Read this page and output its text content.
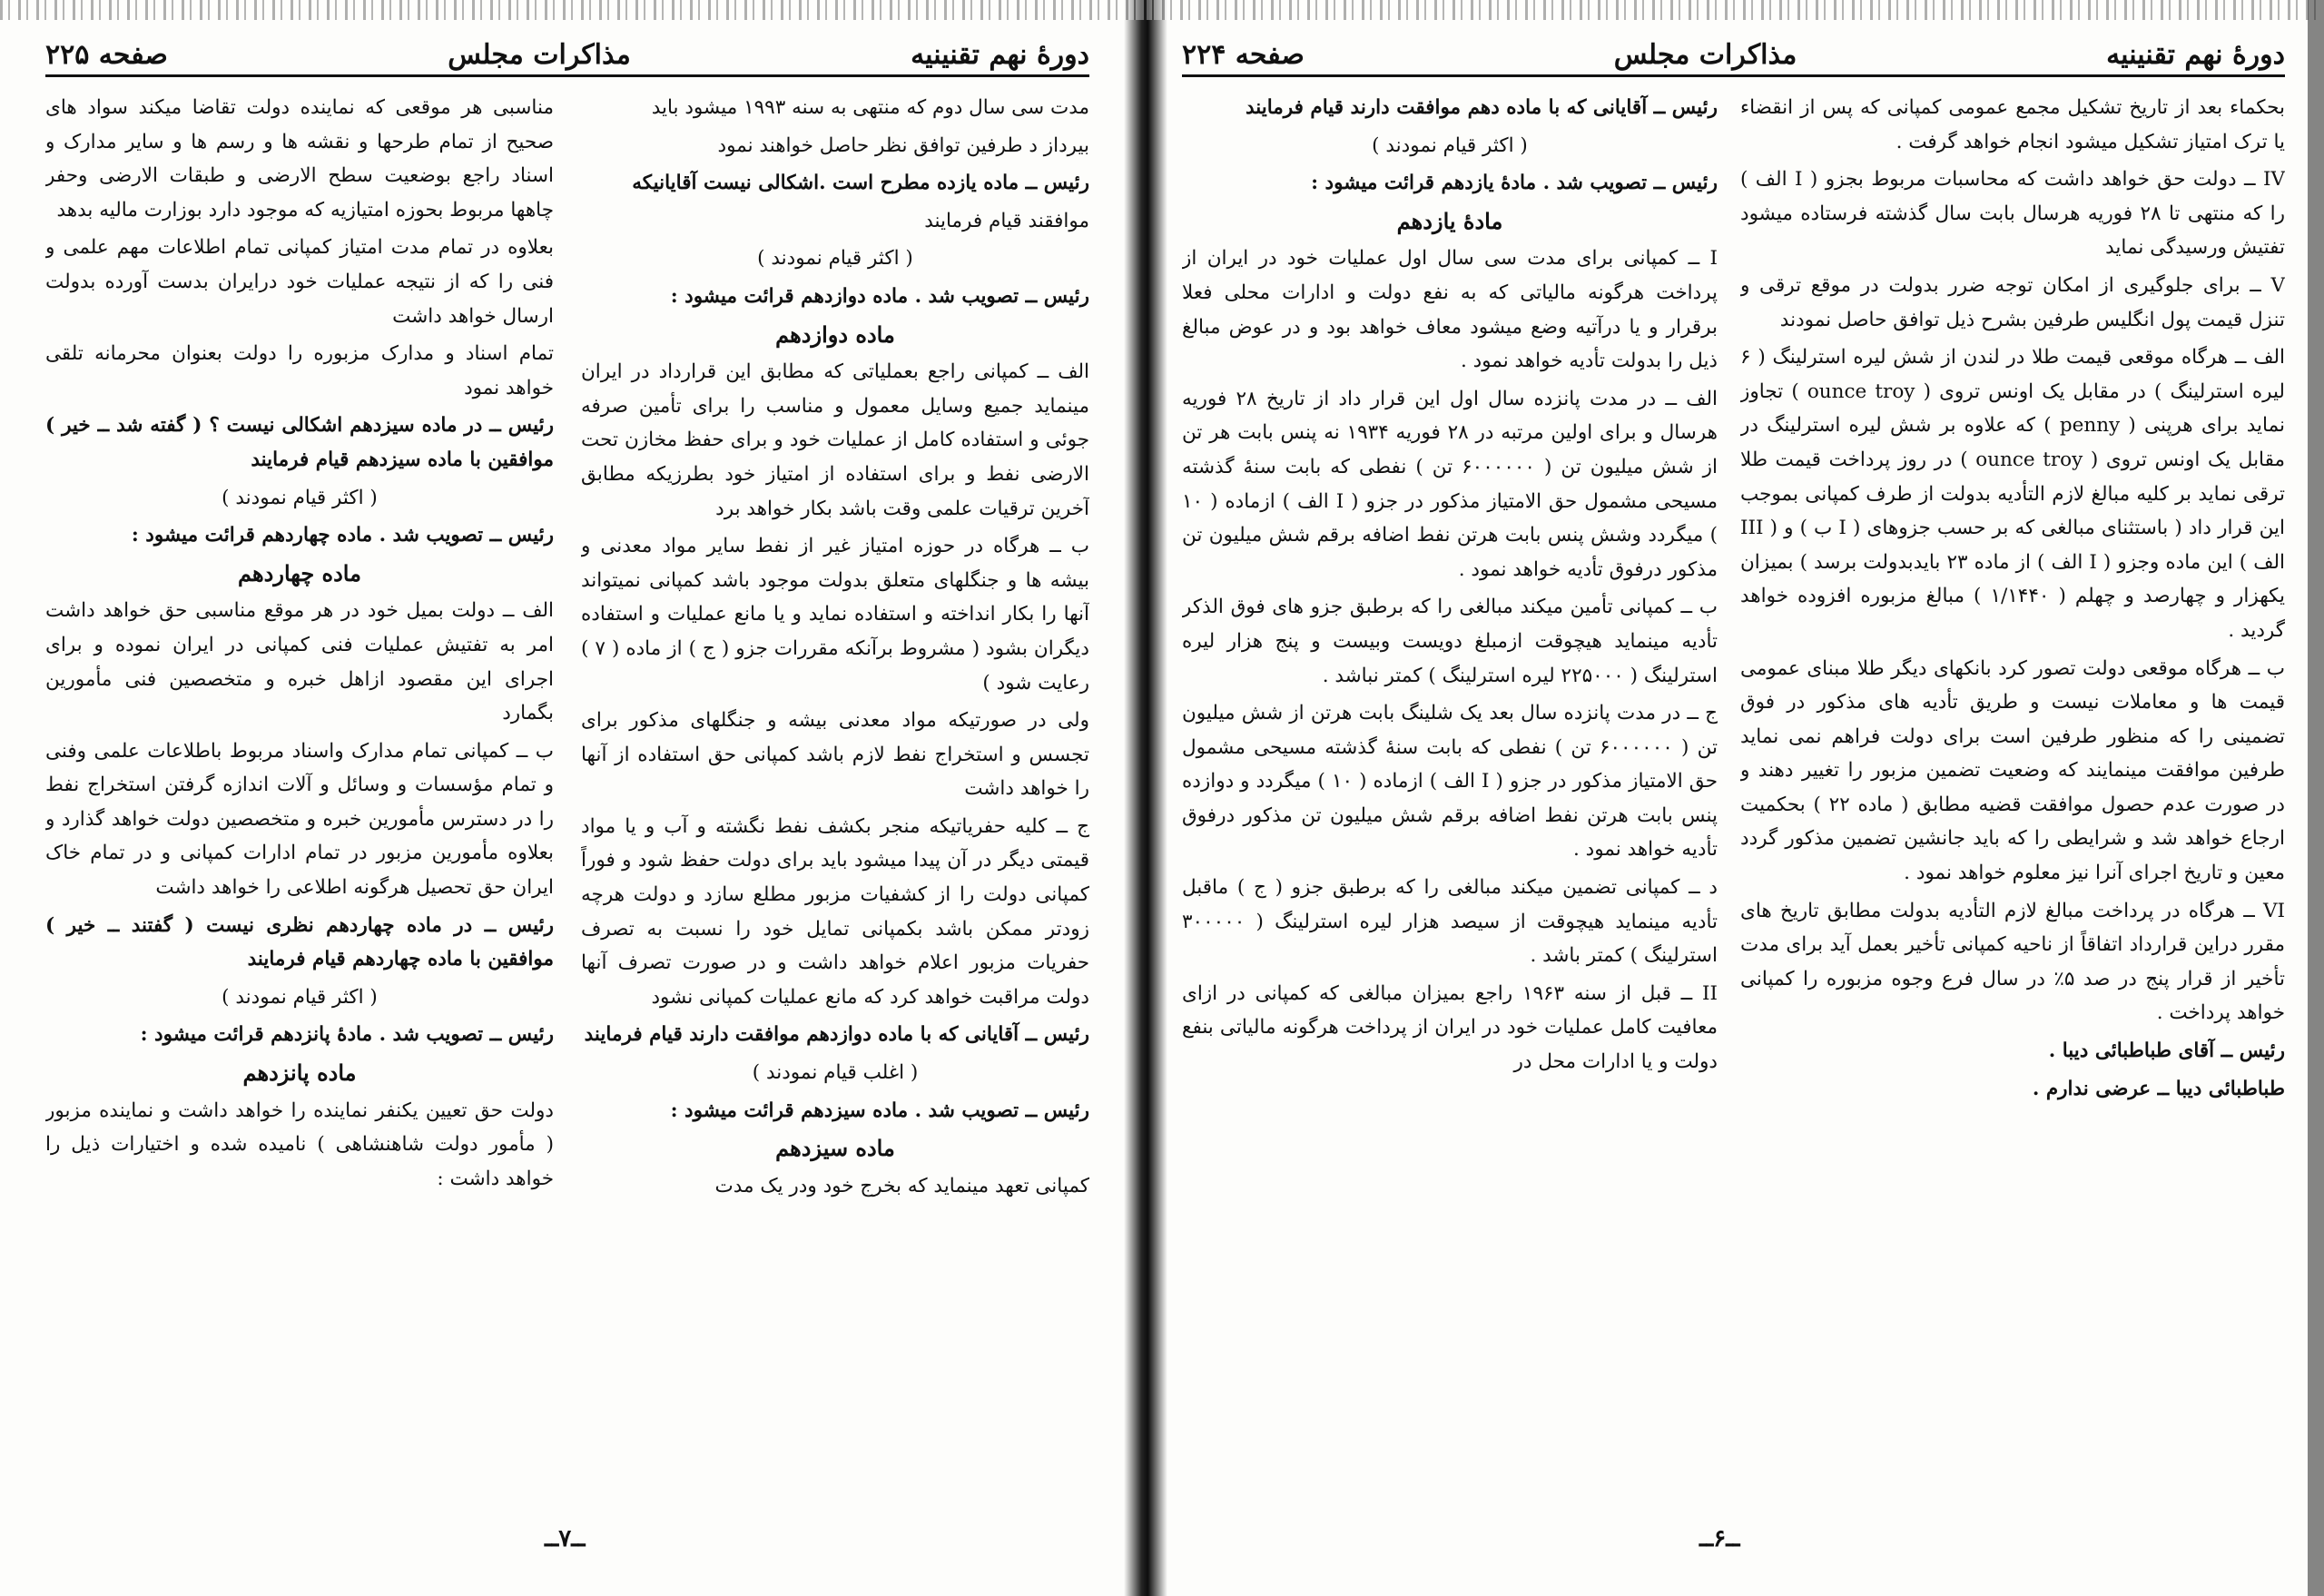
دورهٔ نهم تقنینیه
مذاکرات مجلس
صفحه ۲۲۵

مدت سی سال دوم که منتهی به سنه ۱۹۹۳ میشود باید

بیرداز د طرفین توافق نظر حاصل خواهند نمود

رئیس ــ ماده یازده مطرح است .اشکالی نیست آقایانیکه

موافقند قیام فرمایند

( اکثر قیام نمودند )

رئیس ــ تصویب شد . ماده دوازدهم قرائت میشود :

ماده دوازدهم

الف ــ کمپانی راجع بعملیاتی که مطابق این قرارداد در ایران مینماید جمیع وسایل معمول و مناسب را برای تأمین صرفه جوئی و استفاده کامل از عملیات خود و برای حفظ مخازن تحت الارضی نفط و برای استفاده از امتیاز خود بطرزیکه مطابق آخرین ترقیات علمی وقت باشد بکار خواهد برد

ب ــ هرگاه در حوزه امتیاز غیر از نفط سایر مواد معدنی و بیشه ها و جنگلهای متعلق بدولت موجود باشد کمپانی نمیتواند آنها را بکار انداخته و استفاده نماید و یا مانع عملیات و استفاده دیگران بشود ( مشروط برآنکه مقررات جزو ( ج ) از ماده ( ۷ ) رعایت شود )

ولی در صورتیکه مواد معدنی بیشه و جنگلهای مذکور برای تجسس و استخراج نفط لازم باشد کمپانی حق استفاده از آنها را خواهد داشت

ج ــ کلیه حفریاتیکه منجر بکشف نفط نگشته و آب و یا مواد قیمتی دیگر در آن پیدا میشود باید برای دولت حفظ شود و فوراً کمپانی دولت را از کشفیات مزبور مطلع سازد و دولت هرچه زودتر ممکن باشد بکمپانی تمایل خود را نسبت به تصرف حفریات مزبور اعلام خواهد داشت و در صورت تصرف آنها دولت مراقبت خواهد کرد که مانع عملیات کمپانی نشود

رئیس ــ آقایانی که با ماده دوازدهم موافقت دارند قیام فرمایند

( اغلب قیام نمودند )

رئیس ــ تصویب شد . ماده سیزدهم قرائت میشود :

ماده سیزدهم

کمپانی تعهد مینماید که بخرج خود ودر یک مدت

مناسبی هر موقعی که نماینده دولت تقاضا میکند سواد های صحیح از تمام طرحها و نقشه ها و رسم ها و سایر مدارک و اسناد راجع بوضعیت سطح الارضی و طبقات الارضی وحفر چاهها مربوط بحوزه امتیازیه که موجود دارد بوزارت مالیه بدهد

بعلاوه در تمام مدت امتیاز کمپانی تمام اطلاعات مهم علمی و فنی را که از نتیجه عملیات خود درایران بدست آورده بدولت ارسال خواهد داشت

تمام اسناد و مدارک مزبوره را دولت بعنوان محرمانه تلقی خواهد نمود

رئیس ــ در ماده سیزدهم اشکالی نیست ؟ ( گفته شد ــ خیر ) موافقین با ماده سیزدهم قیام فرمایند

( اکثر قیام نمودند )

رئیس ــ تصویب شد . ماده چهاردهم قرائت میشود :

ماده چهاردهم

الف ــ دولت بمیل خود در هر موقع مناسبی حق خواهد داشت امر به تفتیش عملیات فنی کمپانی در ایران نموده و برای اجرای این مقصود ازاهل خبره و متخصصین فنی مأمورین بگمارد

ب ــ کمپانی تمام مدارک واسناد مربوط باطلاعات علمی وفنی و تمام مؤسسات و وسائل و آلات اندازه گرفتن استخراج نفط را در دسترس مأمورین خبره و متخصصین دولت خواهد گذارد و بعلاوه مأمورین مزبور در تمام ادارات کمپانی و در تمام خاک ایران حق تحصیل هرگونه اطلاعی را خواهد داشت

رئیس ــ در ماده چهاردهم نظری نیست ( گفتند ــ خیر ) موافقین با ماده چهاردهم قیام فرمایند

( اکثر قیام نمودند )

رئیس ــ تصویب شد . مادهٔ پانزدهم قرائت میشود :

ماده پانزدهم

دولت حق تعیین یکنفر نماینده را خواهد داشت و نماینده مزبور ( مأمور دولت شاهنشاهی ) نامیده شده و اختیارات ذیل را خواهد داشت :

ــ۷ــ
دورهٔ نهم تقنینیه
مذاکرات مجلس
صفحه ۲۲۴

بحکماء بعد از تاریخ تشکیل مجمع عمومی کمپانی که پس از انقضاء یا ترک امتیاز تشکیل میشود انجام خواهد گرفت .

IV ــ دولت حق خواهد داشت که محاسبات مربوط بجزو ( I الف ) را که منتهی تا ۲۸ فوریه هرسال بابت سال گذشته فرستاده میشود تفتیش ورسیدگی نماید

V ــ برای جلوگیری از امکان توجه ضرر بدولت در موقع ترقی و تنزل قیمت پول انگلیس طرفین بشرح ذیل توافق حاصل نمودند

الف ــ هرگاه موقعی قیمت طلا در لندن از شش لیره استرلینگ ( ۶ لیره استرلینگ ) در مقابل یک اونس تروی ( ounce troy ) تجاوز نماید برای هرپنی ( penny ) که علاوه بر شش لیره استرلینگ در مقابل یک اونس تروی ( ounce troy ) در روز پرداخت قیمت طلا ترقی نماید بر کلیه مبالغ لازم التأدیه بدولت از طرف کمپانی بموجب این قرار داد ( باستثنای مبالغی که بر حسب جزوهای ( I ب ) و ( III الف ) این ماده وجزو ( I الف ) از ماده ۲۳ بایدبدولت برسد ) بمیزان یکهزار و چهارصد و چهلم ( ۱/۱۴۴۰ ) مبالغ مزبوره افزوده خواهد گردید .

ب ــ هرگاه موقعی دولت تصور کرد بانکهای دیگر طلا مبنای عمومی قیمت ها و معاملات نیست و طریق تأدیه های مذکور در فوق تضمینی را که منظور طرفین است برای دولت فراهم نمی نماید طرفین موافقت مینمایند که وضعیت تضمین مزبور را تغییر دهند و در صورت عدم حصول موافقت قضیه مطابق ( ماده ۲۲ ) بحکمیت ارجاع خواهد شد و شرایطی را که باید جانشین تضمین مذکور گردد معین و تاریخ اجرای آنرا نیز معلوم خواهد نمود .

VI ــ هرگاه در پرداخت مبالغ لازم التأدیه بدولت مطابق تاریخ های مقرر دراین قرارداد اتفاقاً از ناحیه کمپانی تأخیر بعمل آید برای مدت تأخیر از قرار پنج در صد ۵٪ در سال فرع وجوه مزبوره را کمپانی خواهد پرداخت .

رئیس ــ آقای طباطبائی دیبا .

طباطبائی دیبا ــ عرضی ندارم .

رئیس ــ آقایانی که با ماده دهم موافقت دارند قیام فرمایند

( اکثر قیام نمودند )

رئیس ــ تصویب شد . مادهٔ یازدهم قرائت میشود :

مادهٔ یازدهم

I ــ کمپانی برای مدت سی سال اول عملیات خود در ایران از پرداخت هرگونه مالیاتی که به نفع دولت و ادارات محلی فعلا برقرار و یا درآتیه وضع میشود معاف خواهد بود و در عوض مبالغ ذیل را بدولت تأدیه خواهد نمود .

الف ــ در مدت پانزده سال اول این قرار داد از تاریخ ۲۸ فوریه هرسال و برای اولین مرتبه در ۲۸ فوریه ۱۹۳۴ نه پنس بابت هر تن از شش میلیون تن ( ۶۰۰۰۰۰۰ تن ) نفطی که بابت سنهٔ گذشته مسیحی مشمول حق الامتیاز مذکور در جزو ( I الف ) ازماده ( ۱۰ ) میگردد وشش پنس بابت هرتن نفط اضافه برقم شش میلیون تن مذکور درفوق تأدیه خواهد نمود .

ب ــ کمپانی تأمین میکند مبالغی را که برطبق جزو های فوق الذکر تأدیه مینماید هیچوقت ازمبلغ دویست وبیست و پنج هزار لیره استرلینگ ( ۲۲۵۰۰۰ لیره استرلینگ ) کمتر نباشد .

ج ــ در مدت پانزده سال بعد یک شلینگ بابت هرتن از شش میلیون تن ( ۶۰۰۰۰۰۰ تن ) نفطی که بابت سنهٔ گذشته مسیحی مشمول حق الامتیاز مذکور در جزو ( I الف ) ازماده ( ۱۰ ) میگردد و دوازده پنس بابت هرتن نفط اضافه برقم شش میلیون تن مذکور درفوق تأدیه خواهد نمود .

د ــ کمپانی تضمین میکند مبالغی را که برطبق جزو ( ج ) ماقبل تأدیه مینماید هیچوقت از سیصد هزار لیره استرلینگ ( ۳۰۰۰۰۰ استرلینگ ) کمتر باشد .

II ــ قبل از سنه ۱۹۶۳ راجع بمیزان مبالغی که کمپانی در ازای معافیت کامل عملیات خود در ایران از پرداخت هرگونه مالیاتی بنفع دولت و یا ادارات محل در

ــ۶ــ
